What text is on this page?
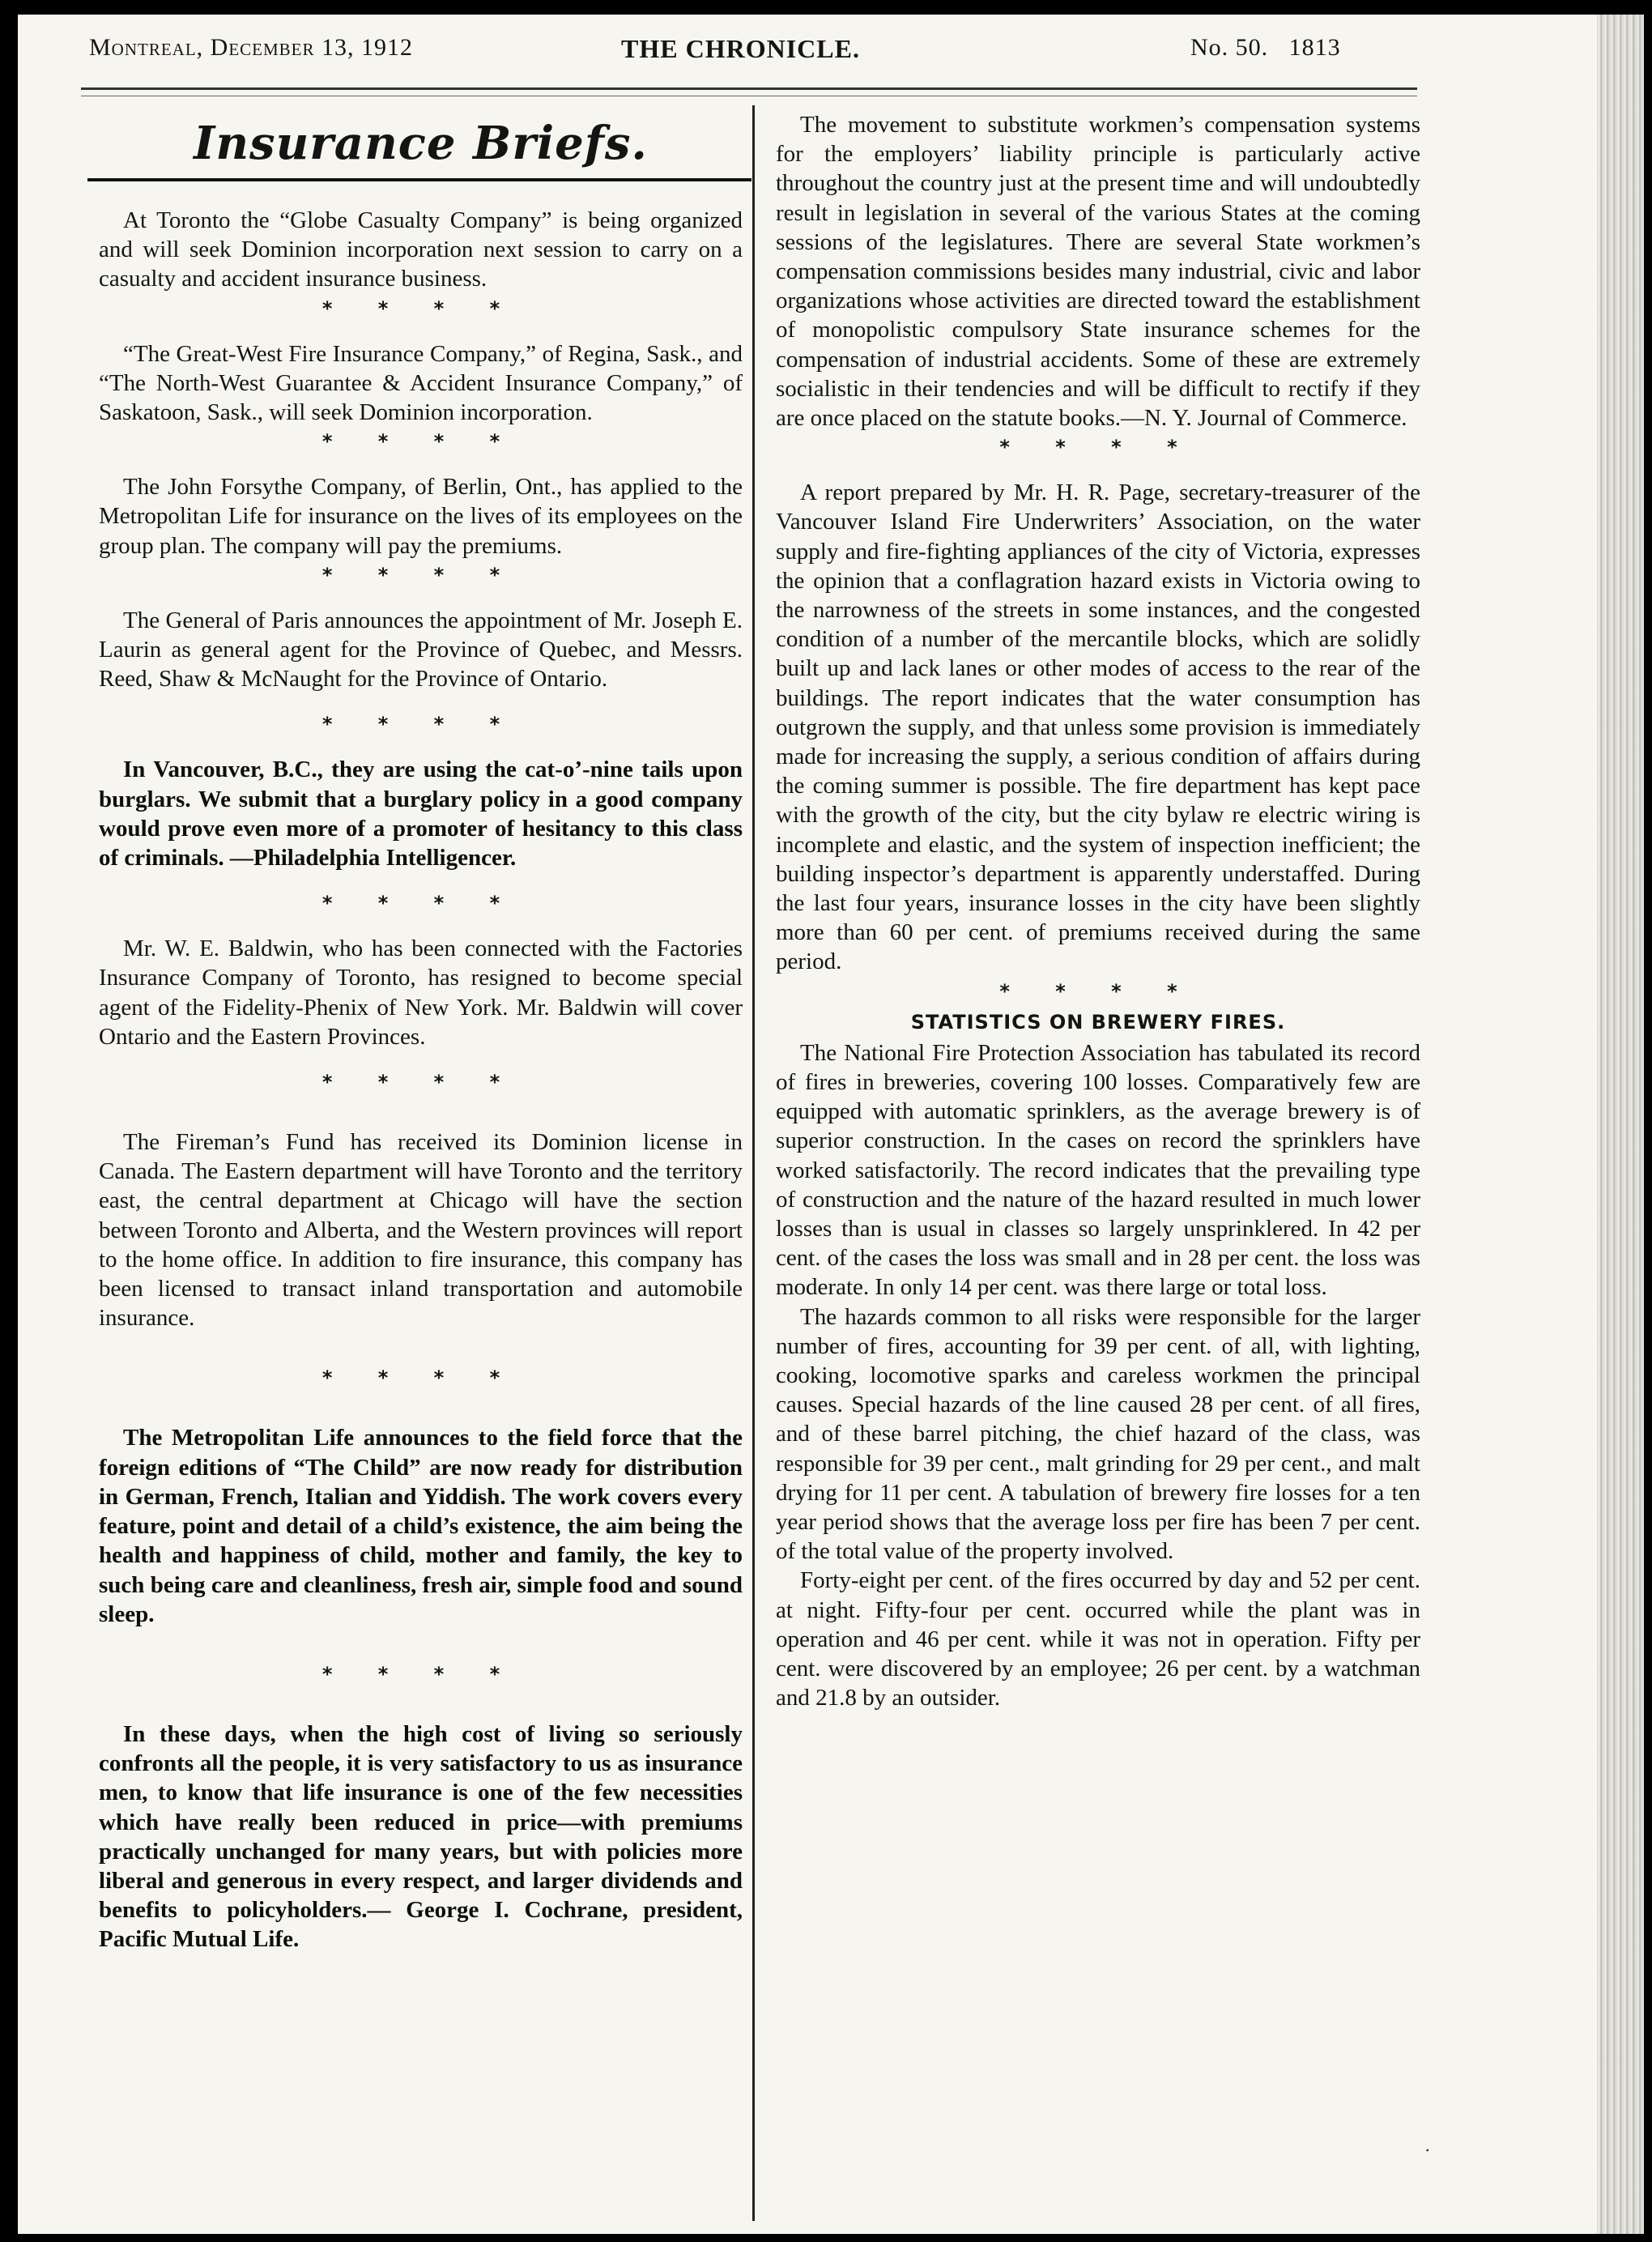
Montreal, December 13, 1912	THE CHRONICLE.	No. 50.   1813
Insurance Briefs.

At Toronto the “Globe Casualty Company” is being organized and will seek Dominion incorporation next session to carry on a casualty and accident insurance business.

* * * *

“The Great-West Fire Insurance Company,” of Regina, Sask., and “The North-West Guarantee & Accident Insurance Company,” of Saskatoon, Sask., will seek Dominion incorporation.

* * * *

The John Forsythe Company, of Berlin, Ont., has applied to the Metropolitan Life for insurance on the lives of its employees on the group plan. The company will pay the premiums.

* * * *

The General of Paris announces the appointment of Mr. Joseph E. Laurin as general agent for the Province of Quebec, and Messrs. Reed, Shaw & McNaught for the Province of Ontario.

* * * *

In Vancouver, B.C., they are using the cat-o’-nine tails upon burglars. We submit that a burglary policy in a good company would prove even more of a promoter of hesitancy to this class of criminals. —Philadelphia Intelligencer.

* * * *

Mr. W. E. Baldwin, who has been connected with the Factories Insurance Company of Toronto, has resigned to become special agent of the Fidelity-Phenix of New York. Mr. Baldwin will cover Ontario and the Eastern Provinces.

* * * *

The Fireman’s Fund has received its Dominion license in Canada. The Eastern department will have Toronto and the territory east, the central department at Chicago will have the section between Toronto and Alberta, and the Western provinces will report to the home office. In addition to fire insurance, this company has been licensed to transact inland transportation and automobile insurance.

* * * *

The Metropolitan Life announces to the field force that the foreign editions of “The Child” are now ready for distribution in German, French, Italian and Yiddish. The work covers every feature, point and detail of a child’s existence, the aim being the health and happiness of child, mother and family, the key to such being care and cleanliness, fresh air, simple food and sound sleep.

* * * *

In these days, when the high cost of living so seriously confronts all the people, it is very satisfactory to us as insurance men, to know that life insurance is one of the few necessities which have really been reduced in price—with premiums practically unchanged for many years, but with policies more liberal and generous in every respect, and larger dividends and benefits to policyholders.— George I. Cochrane, president, Pacific Mutual Life.

The movement to substitute workmen’s compensation systems for the employers’ liability principle is particularly active throughout the country just at the present time and will undoubtedly result in legislation in several of the various States at the coming sessions of the legislatures. There are several State workmen’s compensation commissions besides many industrial, civic and labor organizations whose activities are directed toward the establishment of monopolistic compulsory State insurance schemes for the compensation of industrial accidents. Some of these are extremely socialistic in their tendencies and will be difficult to rectify if they are once placed on the statute books.—N. Y. Journal of Commerce.

* * * *

A report prepared by Mr. H. R. Page, secretary-treasurer of the Vancouver Island Fire Underwriters’ Association, on the water supply and fire-fighting appliances of the city of Victoria, expresses the opinion that a conflagration hazard exists in Victoria owing to the narrowness of the streets in some instances, and the congested condition of a number of the mercantile blocks, which are solidly built up and lack lanes or other modes of access to the rear of the buildings. The report indicates that the water consumption has outgrown the supply, and that unless some provision is immediately made for increasing the supply, a serious condition of affairs during the coming summer is possible. The fire department has kept pace with the growth of the city, but the city bylaw re electric wiring is incomplete and elastic, and the system of inspection inefficient; the building inspector’s department is apparently understaffed. During the last four years, insurance losses in the city have been slightly more than 60 per cent. of premiums received during the same period.

* * * *
STATISTICS ON BREWERY FIRES.

The National Fire Protection Association has tabulated its record of fires in breweries, covering 100 losses. Comparatively few are equipped with automatic sprinklers, as the average brewery is of superior construction. In the cases on record the sprinklers have worked satisfactorily. The record indicates that the prevailing type of construction and the nature of the hazard resulted in much lower losses than is usual in classes so largely unsprinklered. In 42 per cent. of the cases the loss was small and in 28 per cent. the loss was moderate. In only 14 per cent. was there large or total loss.

The hazards common to all risks were responsible for the larger number of fires, accounting for 39 per cent. of all, with lighting, cooking, locomotive sparks and careless workmen the principal causes. Special hazards of the line caused 28 per cent. of all fires, and of these barrel pitching, the chief hazard of the class, was responsible for 39 per cent., malt grinding for 29 per cent., and malt drying for 11 per cent. A tabulation of brewery fire losses for a ten year period shows that the average loss per fire has been 7 per cent. of the total value of the property involved.

Forty-eight per cent. of the fires occurred by day and 52 per cent. at night. Fifty-four per cent. occurred while the plant was in operation and 46 per cent. while it was not in operation. Fifty per cent. were discovered by an employee; 26 per cent. by a watchman and 21.8 by an outsider.

.
